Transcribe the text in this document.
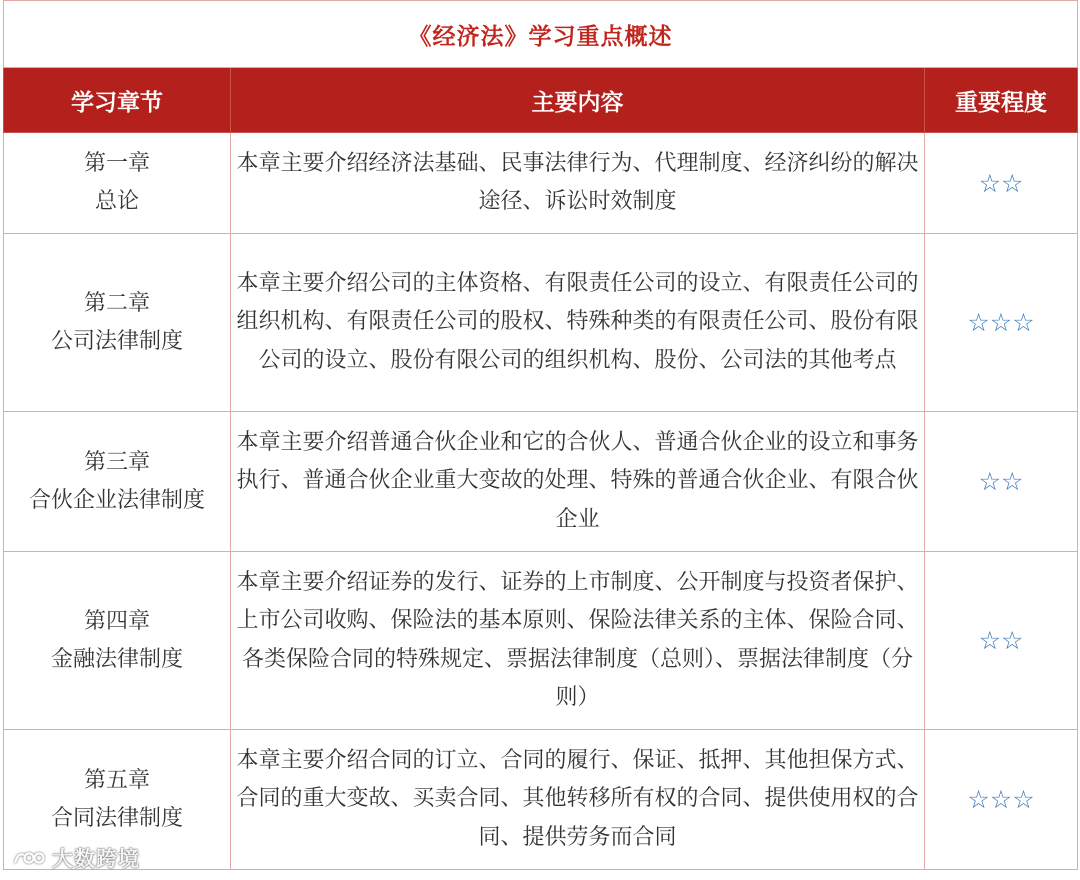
《经济法》学习重点概述		
学习章节	主要内容	重要程度

第一章
总论	本章主要介绍经济法基础、民事法律行为、代理制度、经济纠纷的解决途径、诉讼时效制度	☆☆

第二章
公司法律制度	本章主要介绍公司的主体资格、有限责任公司的设立、有限责任公司的组织机构、有限责任公司的股权、特殊种类的有限责任公司、股份有限公司的设立、股份有限公司的组织机构、股份、公司法的其他考点	☆☆☆

第三章
合伙企业法律制度	本章主要介绍普通合伙企业和它的合伙人、普通合伙企业的设立和事务执行、普通合伙企业重大变故的处理、特殊的普通合伙企业、有限合伙企业	☆☆

第四章
金融法律制度	本章主要介绍证券的发行、证券的上市制度、公开制度与投资者保护、上市公司收购、保险法的基本原则、保险法律关系的主体、保险合同、各类保险合同的特殊规定、票据法律制度（总则）、票据法律制度（分则）	☆☆

第五章
合同法律制度	本章主要介绍合同的订立、合同的履行、保证、抵押、其他担保方式、合同的重大变故、买卖合同、其他转移所有权的合同、提供使用权的合同、提供劳务而合同	☆☆☆
大数跨境
